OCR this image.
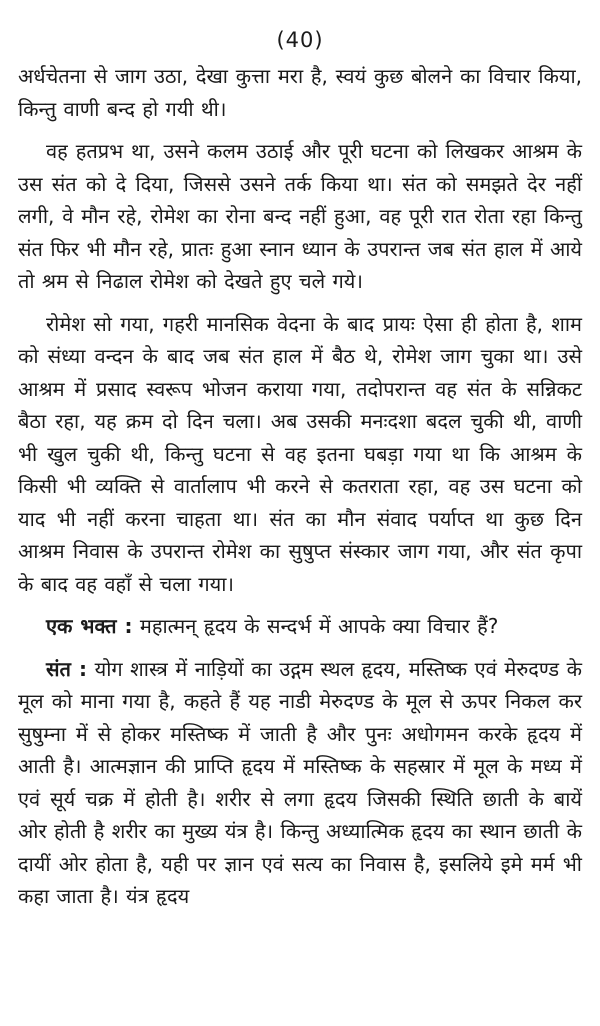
(40)

अर्धचेतना से जाग उठा, देखा कुत्ता मरा है, स्वयं कुछ बोलने का विचार किया, किन्तु वाणी बन्द हो गयी थी।

वह हतप्रभ था, उसने कलम उठाई और पूरी घटना को लिखकर आश्रम के उस संत को दे दिया, जिससे उसने तर्क किया था। संत को समझते देर नहीं लगी, वे मौन रहे, रोमेश का रोना बन्द नहीं हुआ, वह पूरी रात रोता रहा किन्तु संत फिर भी मौन रहे, प्रातः हुआ स्नान ध्यान के उपरान्त जब संत हाल में आये तो श्रम से निढाल रोमेश को देखते हुए चले गये।

रोमेश सो गया, गहरी मानसिक वेदना के बाद प्रायः ऐसा ही होता है, शाम को संध्या वन्दन के बाद जब संत हाल में बैठ थे, रोमेश जाग चुका था। उसे आश्रम में प्रसाद स्वरूप भोजन कराया गया, तदोपरान्त वह संत के सन्निकट बैठा रहा, यह क्रम दो दिन चला। अब उसकी मनःदशा बदल चुकी थी, वाणी भी खुल चुकी थी, किन्तु घटना से वह इतना घबड़ा गया था कि आश्रम के किसी भी व्यक्ति से वार्तालाप भी करने से कतराता रहा, वह उस घटना को याद भी नहीं करना चाहता था। संत का मौन संवाद पर्याप्त था कुछ दिन आश्रम निवास के उपरान्त रोमेश का सुषुप्त संस्कार जाग गया, और संत कृपा के बाद वह वहाँ से चला गया।

एक भक्त : महात्मन् हृदय के सन्दर्भ में आपके क्या विचार हैं?

संत : योग शास्त्र में नाड़ियों का उद्गम स्थल हृदय, मस्तिष्क एवं मेरुदण्ड के मूल को माना गया है, कहते हैं यह नाडी मेरुदण्ड के मूल से ऊपर निकल कर सुषुम्ना में से होकर मस्तिष्क में जाती है और पुनः अधोगमन करके हृदय में आती है। आत्मज्ञान की प्राप्ति हृदय में मस्तिष्क के सहस्रार में मूल के मध्य में एवं सूर्य चक्र में होती है। शरीर से लगा हृदय जिसकी स्थिति छाती के बायें ओर होती है शरीर का मुख्य यंत्र है। किन्तु अध्यात्मिक हृदय का स्थान छाती के दायीं ओर होता है, यही पर ज्ञान एवं सत्य का निवास है, इसलिये इमे मर्म भी कहा जाता है। यंत्र हृदय
